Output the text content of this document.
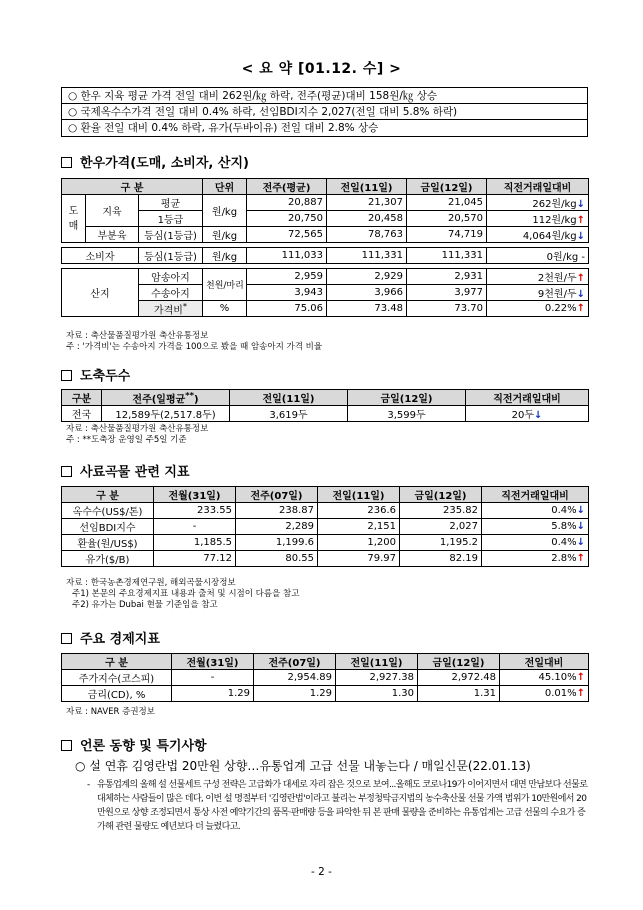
< 요 약 [01.12. 수] >
○ 한우 지육 평균 가격 전일 대비 262원/㎏ 하락, 전주(평균)대비 158원/㎏ 상승
○ 국제옥수수가격 전일 대비 0.4% 하락, 선임BDI지수 2,027(전일 대비 5.8% 하락)
○ 환율 전일 대비 0.4% 하락, 유가(두바이유) 전일 대비 2.8% 상승
한우가격(도매, 소비자, 산지)
구 분			단위	전주(평균)	전일(11일)	금일(12일)	직전거래일대비
도
매	지육	평균	원/kg	20,887	21,307	21,045	262원/kg↓
		1등급		20,750	20,458	20,570	112원/kg↑
	부분육	등심(1등급)	원/kg	72,565	78,763	74,719	4,064원/kg↓

소비자		등심(1등급)	원/kg	111,033	111,331	111,331	0원/kg -

산지		암송아지	천원/마리	2,959	2,929	2,931	2천원/두↑
		수송아지		3,943	3,966	3,977	9천원/두↓
		가격비*	%	75.06	73.48	73.70	0.22%↑
자료 : 축산물품질평가원 축산유통정보
주 : '가격비'는 수송아지 가격을 100으로 봤을 때 암송아지 가격 비율
도축두수
구분	전주(일평균**)	전일(11일)	금일(12일)	직전거래일대비
전국	12,589두(2,517.8두)	3,619두	3,599두	20두↓
자료 : 축산물품질평가원 축산유통정보
주 : **도축장 운영일 주5일 기준
사료곡물 관련 지표
구 분	전월(31일)	전주(07일)	전일(11일)	금일(12일)	직전거래일대비
옥수수(US$/톤)	233.55	238.87	236.6	235.82	0.4%↓
선임BDI지수	-	2,289	2,151	2,027	5.8%↓
환율(원/US$)	1,185.5	1,199.6	1,200	1,195.2	0.4%↓
유가($/B)	77.12	80.55	79.97	82.19	2.8%↑
자료 : 한국농촌경제연구원, 해외곡물시장정보
주1) 본문의 주요경제지표 내용과 출처 및 시점이 다름을 참고
주2) 유가는 Dubai 현물 기준임을 참고
주요 경제지표
구 분	전월(31일)	전주(07일)	전일(11일)	금일(12일)	전일대비
주가지수(코스피)	-	2,954.89	2,927.38	2,972.48	45.10%↑
금리(CD), %	1.29	1.29	1.30	1.31	0.01%↑
자료 : NAVER 증권정보
언론 동향 및 특기사항
○ 설 연휴 김영란법 20만원 상향…유통업계 고급 선물 내놓는다 / 매일신문(22.01.13)
- 유통업계의 올해 설 선물세트 구성 전략은 고급화가 대세로 자리 잡은 것으로 보여...올해도 코로나19가 이어지면서 대면 만남보다 선물로 대체하는 사람들이 많은 데다, 이번 설 명절부터 '김영란법'이라고 불리는 부정청탁금지법의 농수축산물 선물 가액 범위가 10만원에서 20만원으로 상향 조정되면서 통상 사전 예약기간의 품목·판매량 등을 파악한 뒤 본 판매 물량을 준비하는 유통업계는 고급 선물의 수요가 증가해 관련 물량도 예년보다 더 늘렸다고.
- 2 -
